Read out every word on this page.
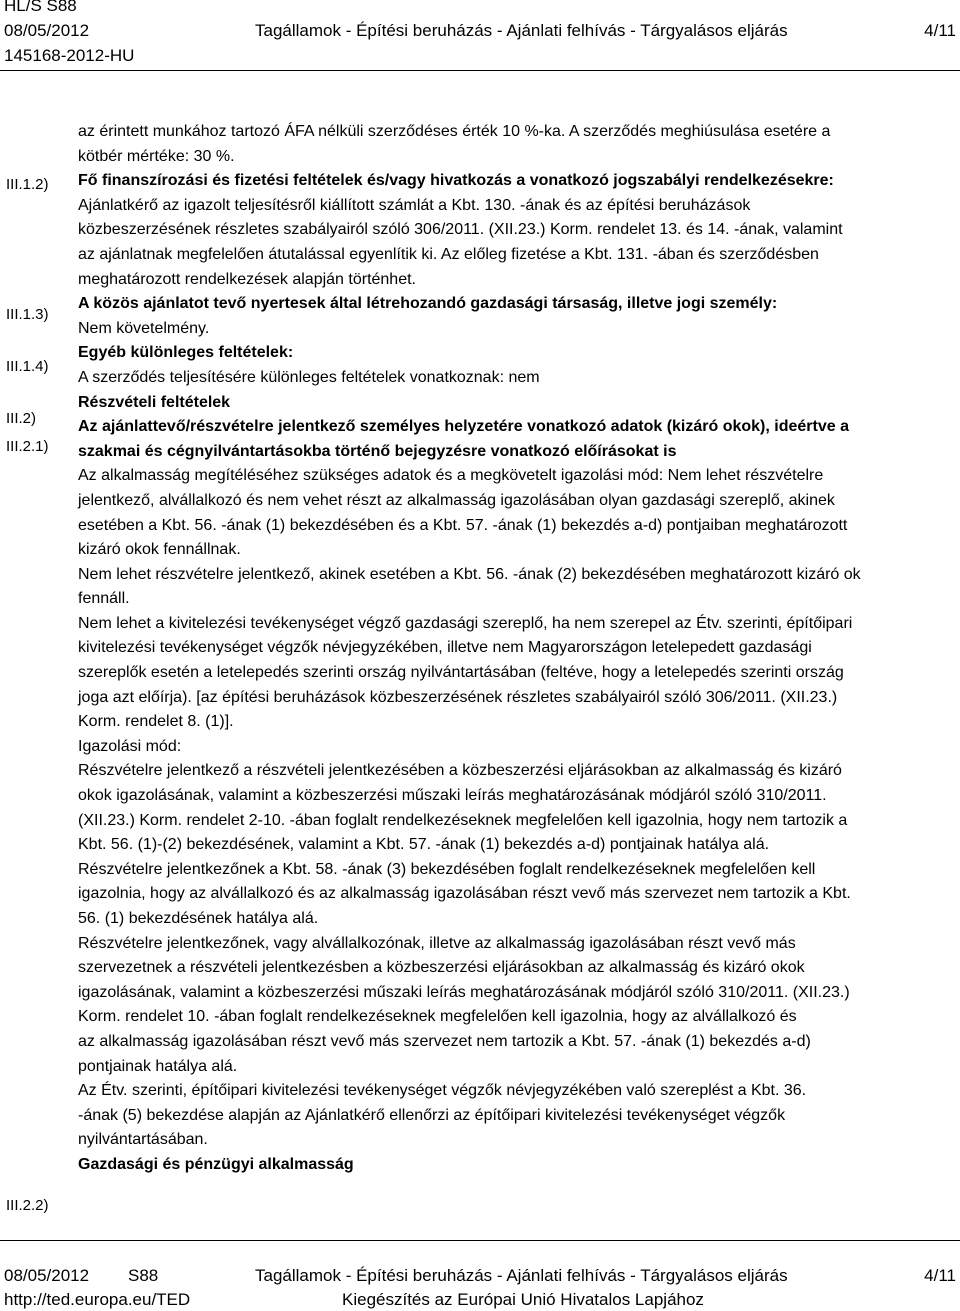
HL/S S88
08/05/2012	Tagállamok - Építési beruházás - Ajánlati felhívás - Tárgyalásos eljárás	4/11
145168-2012-HU
III.1.2)
III.1.3)
III.1.4)
III.2)
III.2.1)
III.2.2)

az érintett munkához tartozó ÁFA nélküli szerződéses érték 10 %-ka. A szerződés meghiúsulása esetére a

kötbér mértéke: 30 %.

Fő finanszírozási és fizetési feltételek és/vagy hivatkozás a vonatkozó jogszabályi rendelkezésekre:

Ajánlatkérő az igazolt teljesítésről kiállított számlát a Kbt. 130. -ának és az építési beruházások

közbeszerzésének részletes szabályairól szóló 306/2011. (XII.23.) Korm. rendelet 13. és 14. -ának, valamint

az ajánlatnak megfelelően átutalással egyenlítik ki. Az előleg fizetése a Kbt. 131. -ában és szerződésben

meghatározott rendelkezések alapján történhet.

A közös ajánlatot tevő nyertesek által létrehozandó gazdasági társaság, illetve jogi személy:

Nem követelmény.

Egyéb különleges feltételek:

A szerződés teljesítésére különleges feltételek vonatkoznak: nem

Részvételi feltételek

Az ajánlattevő/részvételre jelentkező személyes helyzetére vonatkozó adatok (kizáró okok), ideértve a

szakmai és cégnyilvántartásokba történő bejegyzésre vonatkozó előírásokat is

Az alkalmasság megítéléséhez szükséges adatok és a megkövetelt igazolási mód: Nem lehet részvételre

jelentkező, alvállalkozó és nem vehet részt az alkalmasság igazolásában olyan gazdasági szereplő, akinek

esetében a Kbt. 56. -ának (1) bekezdésében és a Kbt. 57. -ának (1) bekezdés a-d) pontjaiban meghatározott

kizáró okok fennállnak.

Nem lehet részvételre jelentkező, akinek esetében a Kbt. 56. -ának (2) bekezdésében meghatározott kizáró ok

fennáll.

Nem lehet a kivitelezési tevékenységet végző gazdasági szereplő, ha nem szerepel az Étv. szerinti, építőipari

kivitelezési tevékenységet végzők névjegyzékében, illetve nem Magyarországon letelepedett gazdasági

szereplők esetén a letelepedés szerinti ország nyilvántartásában (feltéve, hogy a letelepedés szerinti ország

joga azt előírja). [az építési beruházások közbeszerzésének részletes szabályairól szóló 306/2011. (XII.23.)

Korm. rendelet 8. (1)].

Igazolási mód:

Részvételre jelentkező a részvételi jelentkezésében a közbeszerzési eljárásokban az alkalmasság és kizáró

okok igazolásának, valamint a közbeszerzési műszaki leírás meghatározásának módjáról szóló 310/2011.

(XII.23.) Korm. rendelet 2-10. -ában foglalt rendelkezéseknek megfelelően kell igazolnia, hogy nem tartozik a

Kbt. 56. (1)-(2) bekezdésének, valamint a Kbt. 57. -ának (1) bekezdés a-d) pontjainak hatálya alá.

Részvételre jelentkezőnek a Kbt. 58. -ának (3) bekezdésében foglalt rendelkezéseknek megfelelően kell

igazolnia, hogy az alvállalkozó és az alkalmasság igazolásában részt vevő más szervezet nem tartozik a Kbt.

56. (1) bekezdésének hatálya alá.

Részvételre jelentkezőnek, vagy alvállalkozónak, illetve az alkalmasság igazolásában részt vevő más

szervezetnek a részvételi jelentkezésben a közbeszerzési eljárásokban az alkalmasság és kizáró okok

igazolásának, valamint a közbeszerzési műszaki leírás meghatározásának módjáról szóló 310/2011. (XII.23.)

Korm. rendelet 10. -ában foglalt rendelkezéseknek megfelelően kell igazolnia, hogy az alvállalkozó és

az alkalmasság igazolásában részt vevő más szervezet nem tartozik a Kbt. 57. -ának (1) bekezdés a-d)

pontjainak hatálya alá.

Az Étv. szerinti, építőipari kivitelezési tevékenységet végzők névjegyzékében való szereplést a Kbt. 36.

-ának (5) bekezdése alapján az Ajánlatkérő ellenőrzi az építőipari kivitelezési tevékenységet végzők

nyilvántartásában.

Gazdasági és pénzügyi alkalmasság

08/05/2012 S88	Tagállamok - Építési beruházás - Ajánlati felhívás - Tárgyalásos eljárás	4/11
http://ted.europa.eu/TED	Kiegészítés az Európai Unió Hivatalos Lapjához
